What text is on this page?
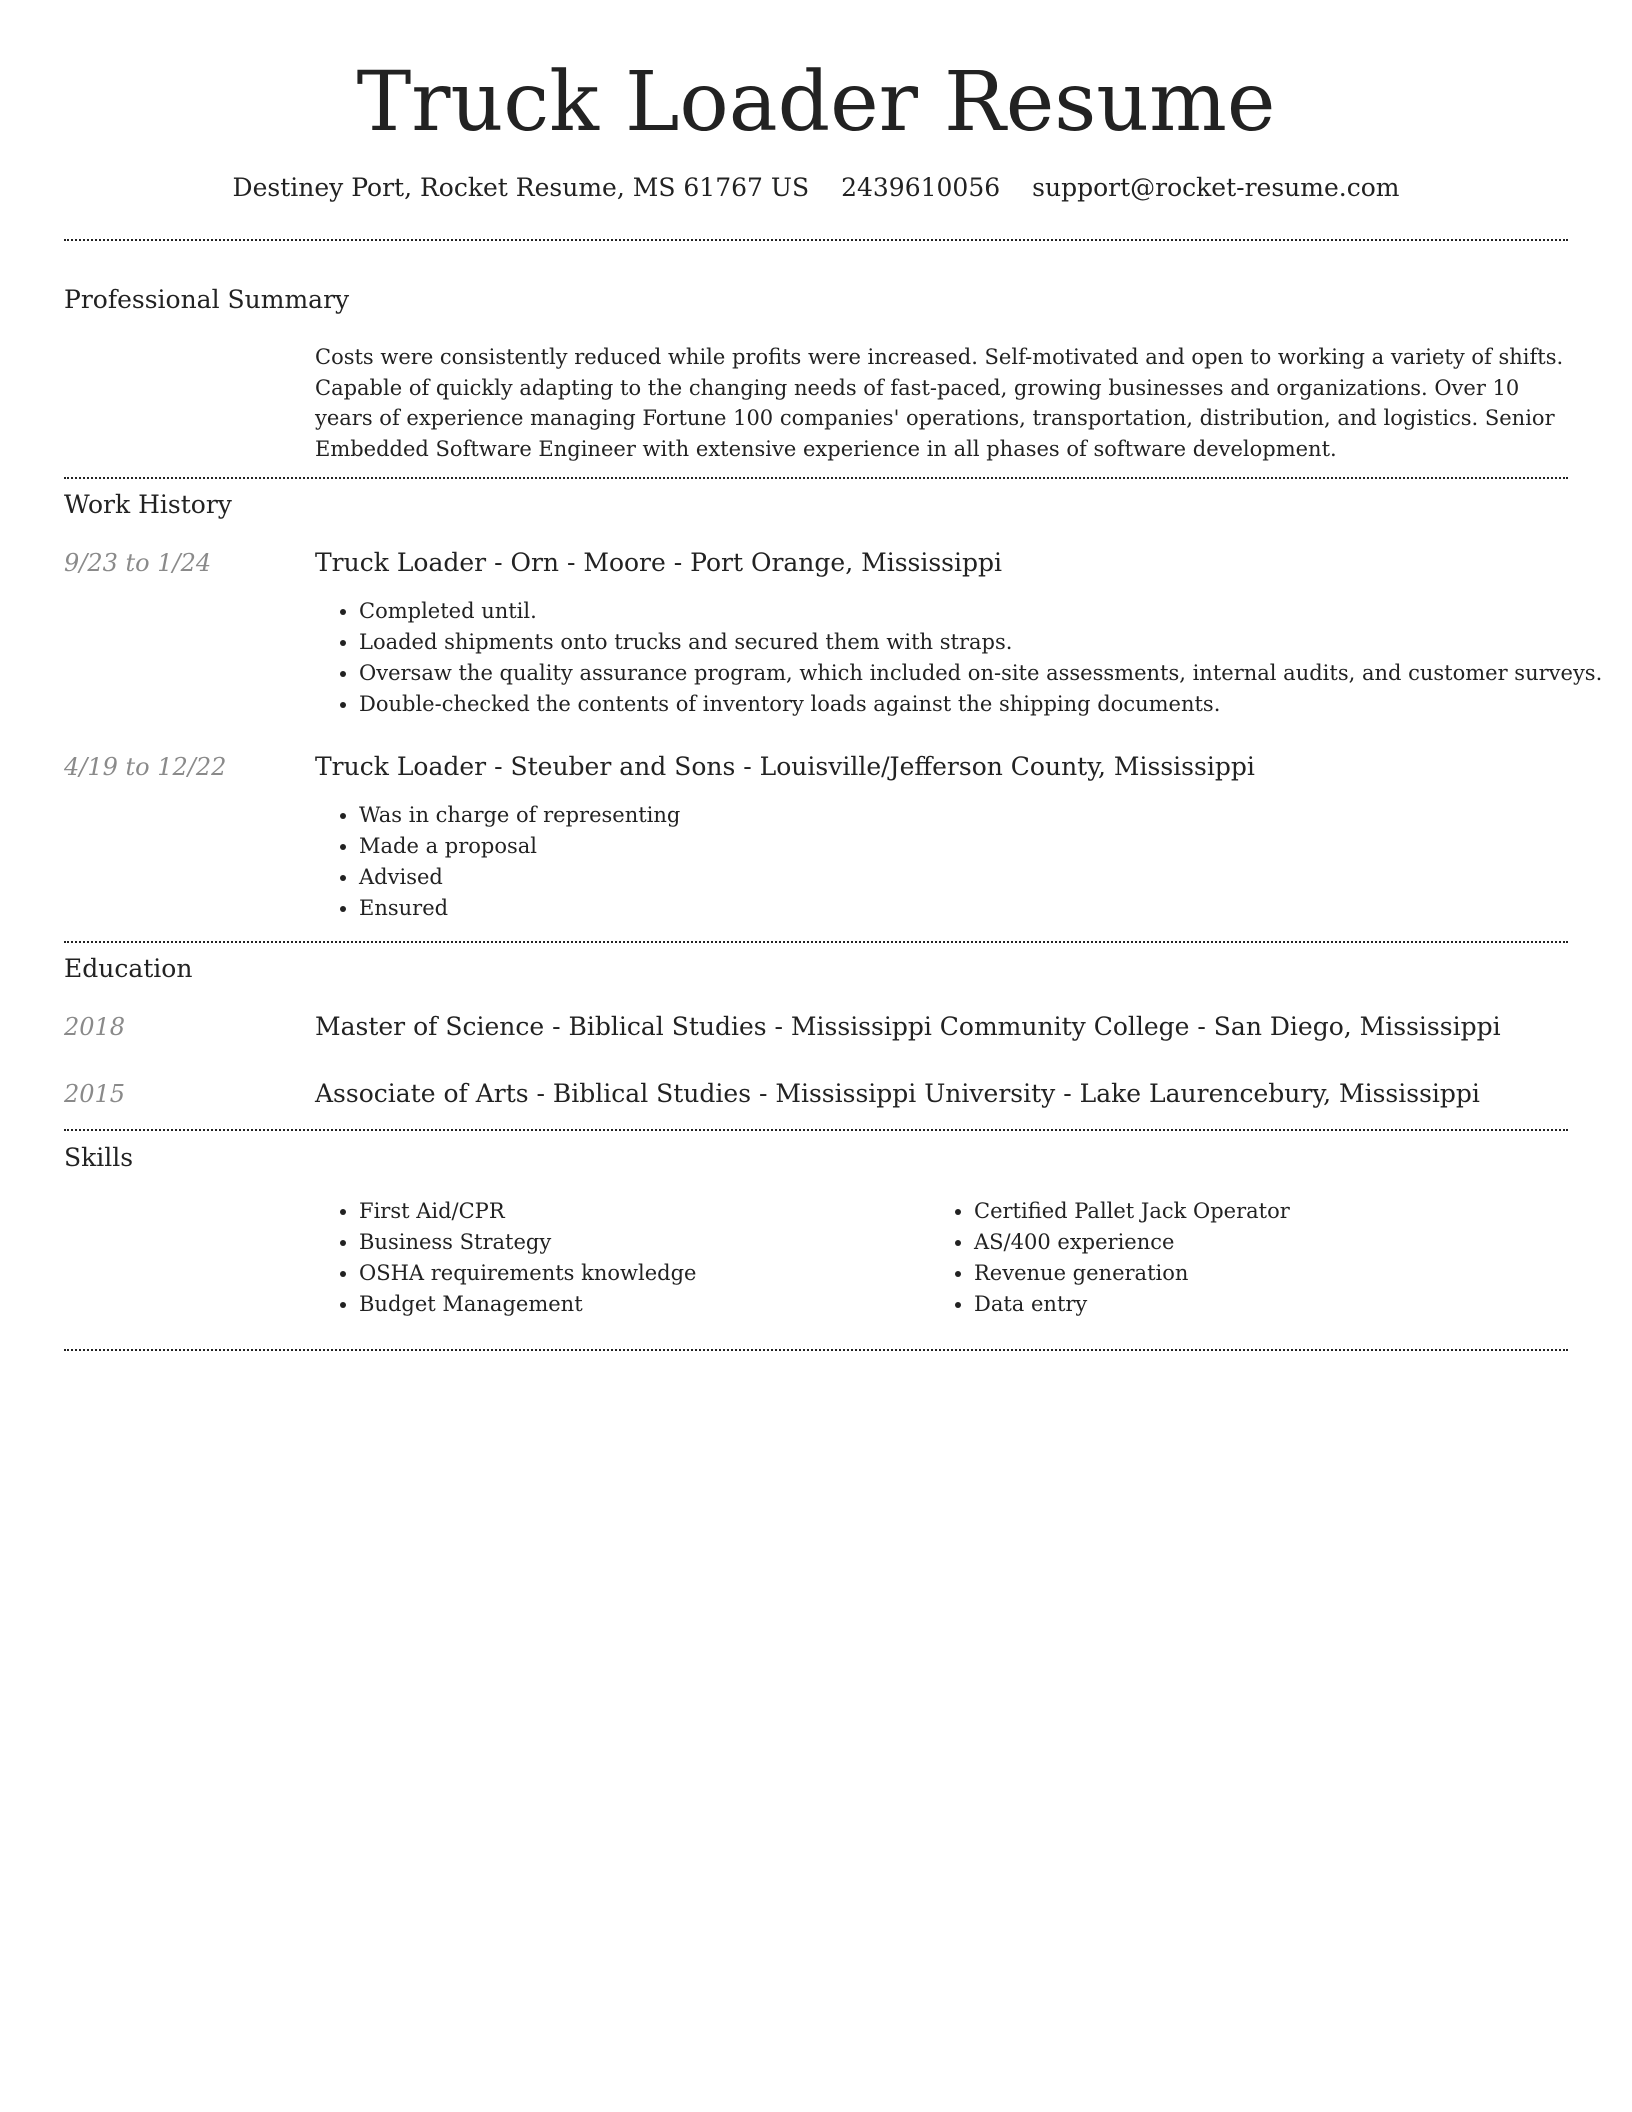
Truck Loader Resume
Destiney Port, Rocket Resume, MS 61767 US 2439610056 support@rocket-resume.com
Professional Summary

Costs were consistently reduced while profits were increased. Self-motivated and open to working a variety of shifts. Capable of quickly adapting to the changing needs of fast-paced, growing businesses and organizations. Over 10 years of experience managing Fortune 100 companies' operations, transportation, distribution, and logistics. Senior Embedded Software Engineer with extensive experience in all phases of software development.

Work History
9/23 to 1/24	Truck Loader - Orn - Moore - Port Orange, Mississippi
• Completed until.
• Loaded shipments onto trucks and secured them with straps.
• Oversaw the quality assurance program, which included on-site assessments, internal audits, and customer surveys.
• Double-checked the contents of inventory loads against the shipping documents.
4/19 to 12/22	Truck Loader - Steuber and Sons - Louisville/Jefferson County, Mississippi
• Was in charge of representing
• Made a proposal
• Advised
• Ensured
Education
2018	Master of Science - Biblical Studies - Mississippi Community College - San Diego, Mississippi
2015	Associate of Arts - Biblical Studies - Mississippi University - Lake Laurencebury, Mississippi
Skills
• First Aid/CPR
• Business Strategy
• OSHA requirements knowledge
• Budget Management
• Certified Pallet Jack Operator
• AS/400 experience
• Revenue generation
• Data entry
